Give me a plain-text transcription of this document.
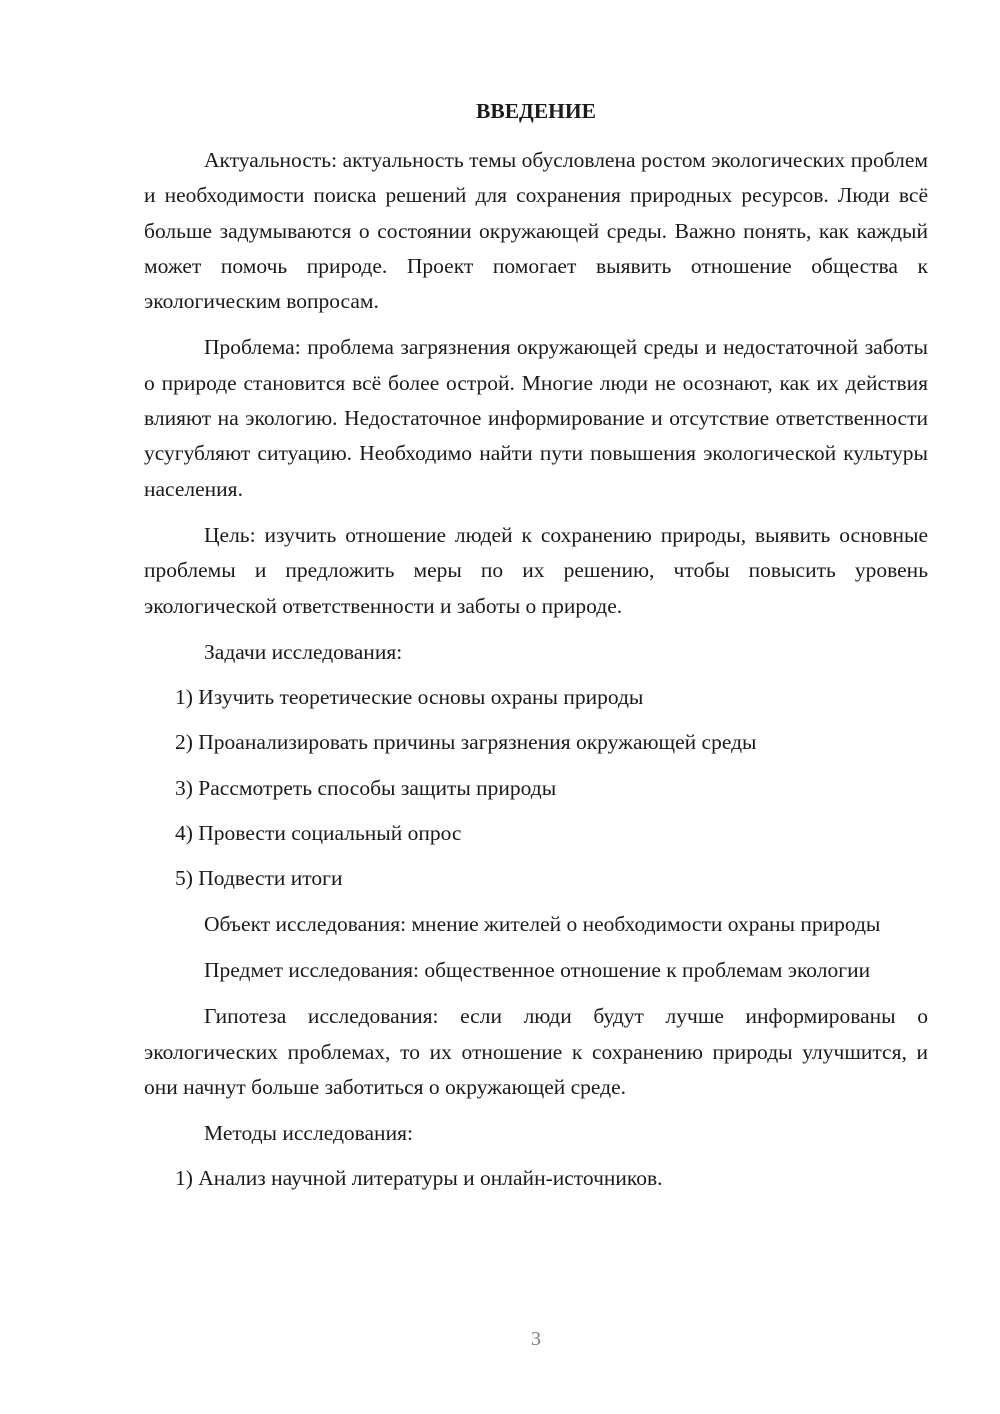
ВВЕДЕНИЕ

Актуальность: актуальность темы обусловлена ростом экологических проблем и необходимости поиска решений для сохранения природных ресурсов. Люди всё больше задумываются о состоянии окружающей среды. Важно понять, как каждый может помочь природе. Проект помогает выявить отношение общества к экологическим вопросам.

Проблема: проблема загрязнения окружающей среды и недостаточной заботы о природе становится всё более острой. Многие люди не осознают, как их действия влияют на экологию. Недостаточное информирование и отсутствие ответственности усугубляют ситуацию. Необходимо найти пути повышения экологической культуры населения.

Цель: изучить отношение людей к сохранению природы, выявить основные проблемы и предложить меры по их решению, чтобы повысить уровень экологической ответственности и заботы о природе.

Задачи исследования:
1) Изучить теоретические основы охраны природы
2) Проанализировать причины загрязнения окружающей среды
3) Рассмотреть способы защиты природы
4) Провести социальный опрос
5) Подвести итоги

Объект исследования: мнение жителей о необходимости охраны природы

Предмет исследования: общественное отношение к проблемам экологии

Гипотеза исследования: если люди будут лучше информированы о экологических проблемах, то их отношение к сохранению природы улучшится, и они начнут больше заботиться о окружающей среде.

Методы исследования:
1) Анализ научной литературы и онлайн-источников.
3
